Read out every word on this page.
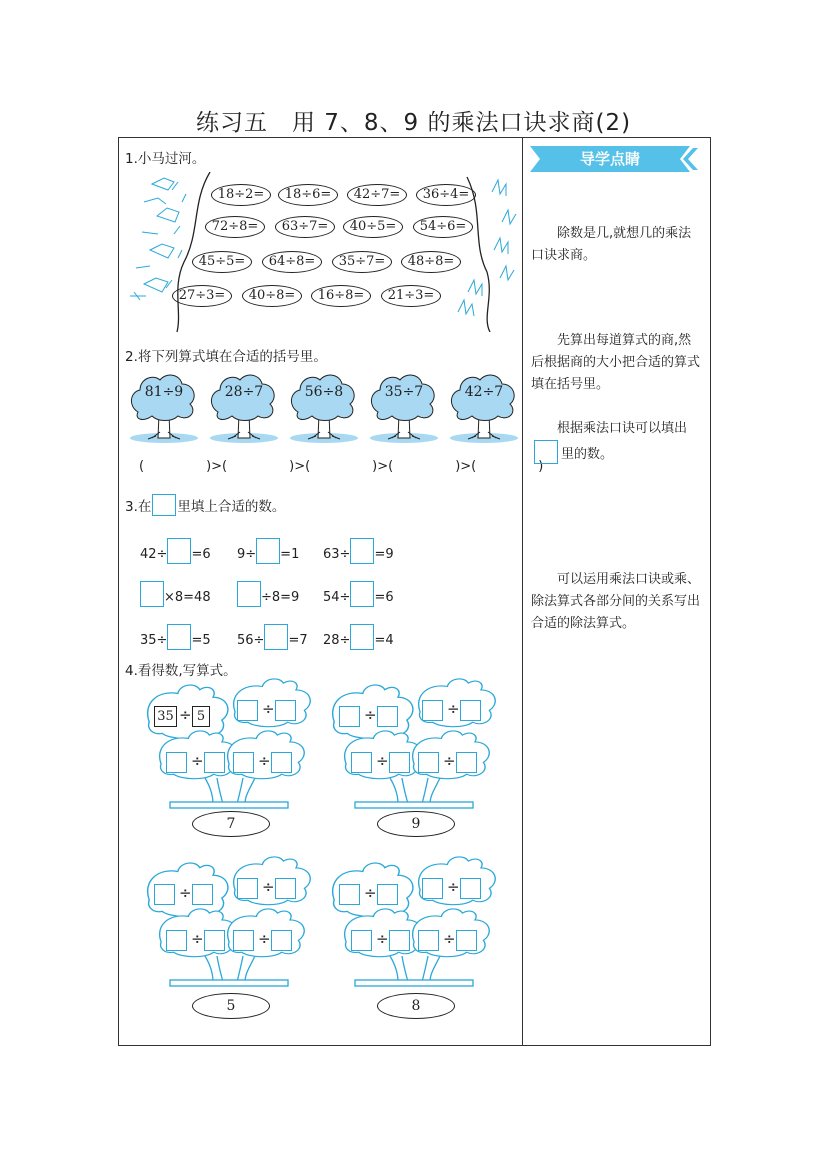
练习五　用 7、8、9 的乘法口诀求商(2)
1.小马过河。
18÷2=	18÷6=	42÷7=	36÷4=
72÷8=	63÷7=	40÷5=	54÷6=
45÷5=	64÷8=	35÷7=	48÷8=
27÷3=	40÷8=	16÷8=	21÷3=
2.将下列算式填在合适的括号里。
81÷9	28÷7	56÷8	35÷7	42÷7
(	)>(	)>(	)>(	)>(	)
3.在 里填上合适的数。
42÷ =6 9÷ =1 63÷ =9
×8=48	÷8=9 54÷ =6
35÷ =5 56÷ =7 28÷ =4
4.看得数,写算式。
35 ÷ 5	÷
÷	÷
7
÷	÷
÷	÷
9
÷	÷
÷	÷
5
÷	÷
÷	÷
8
导学点睛
除数是几,就想几的乘法口诀求商。
先算出每道算式的商,然后根据商的大小把合适的算式填在括号里。
根据乘法口诀可以填出里的数。
可以运用乘法口诀或乘、除法算式各部分间的关系写出合适的除法算式。
